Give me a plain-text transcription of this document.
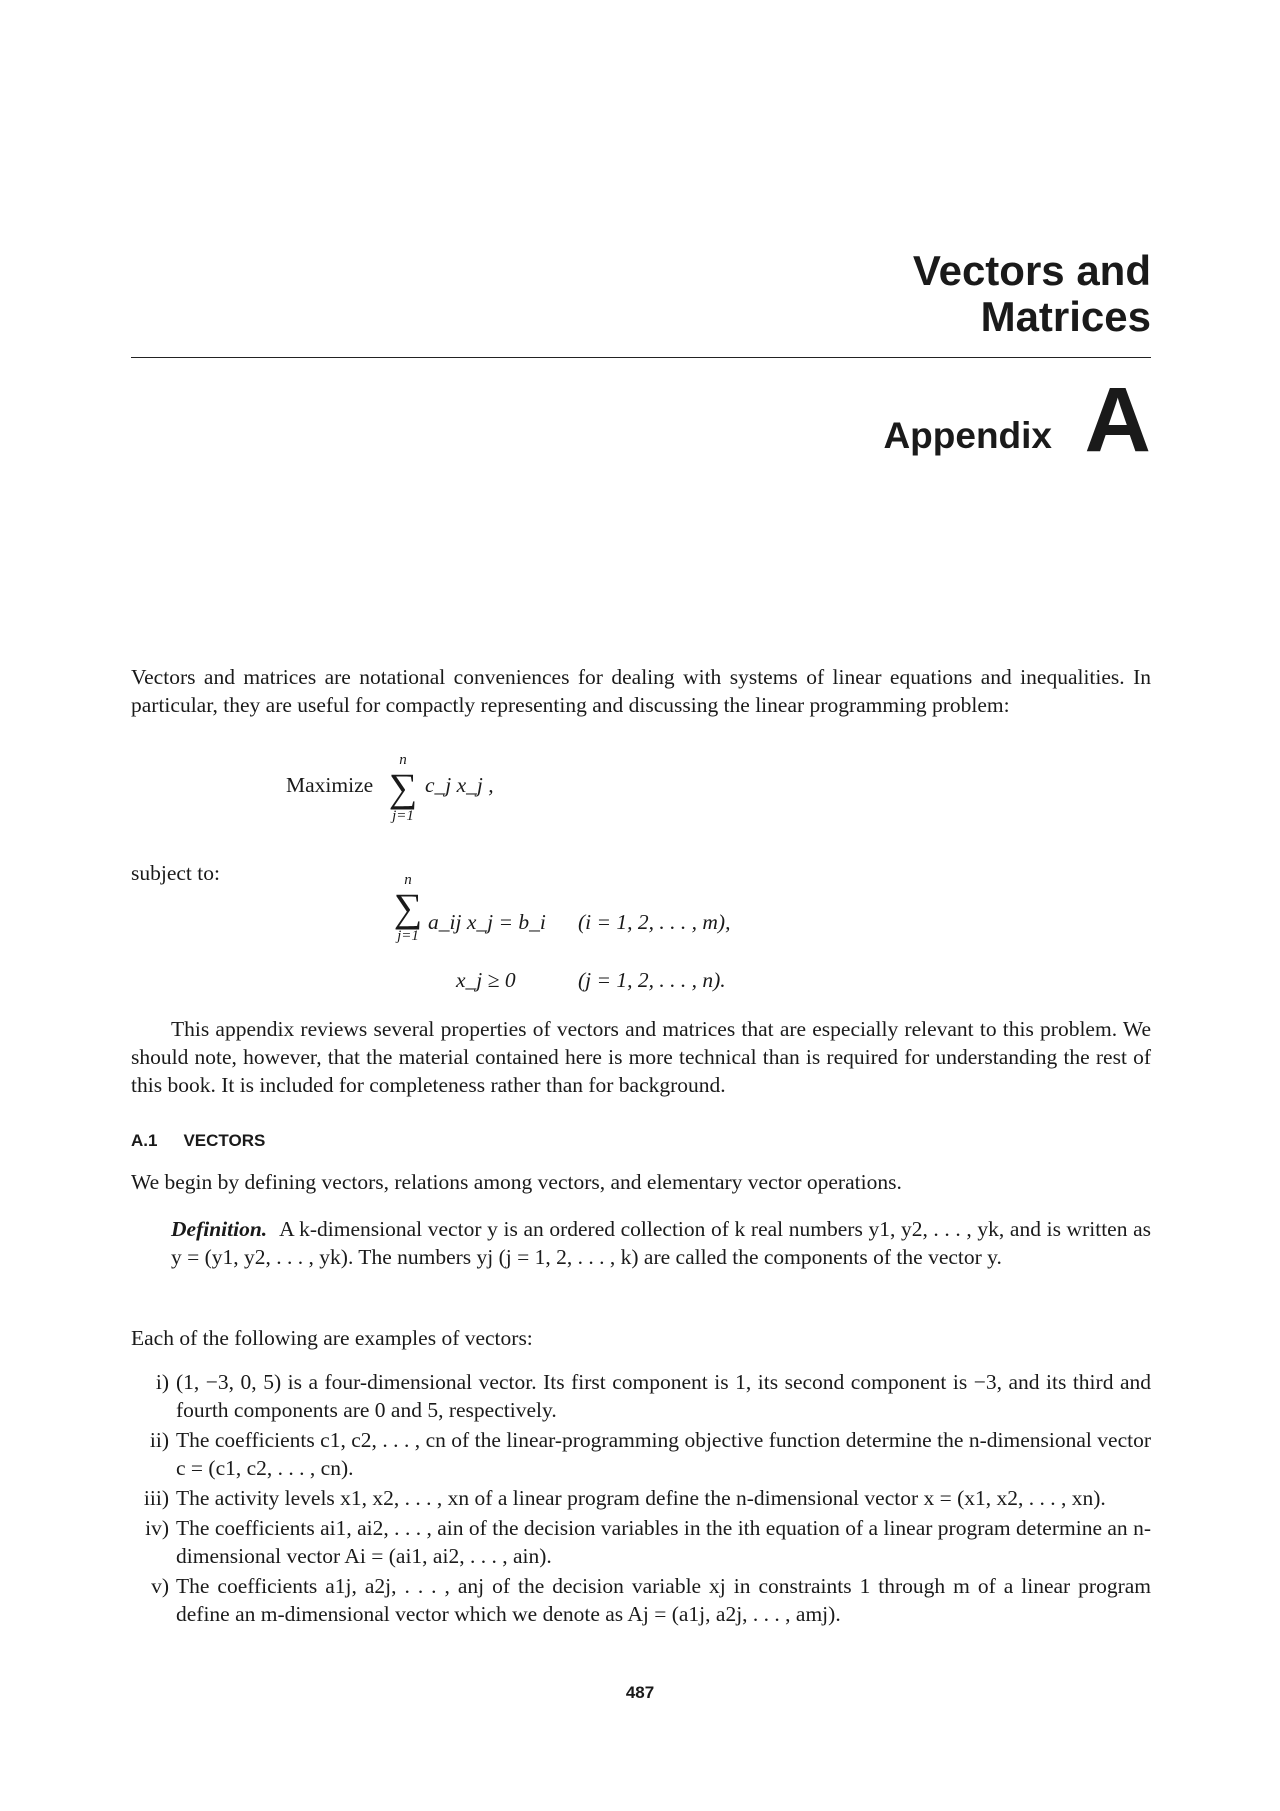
Vectors and
Matrices
Appendix A

Vectors and matrices are notational conveniences for dealing with systems of linear equations and inequalities. In particular, they are useful for compactly representing and discussing the linear programming problem:

Maximize
n
∑
j=1
c_j x_j ,
subject to:	n
∑
j=1
a_ij x_j = b_i (i = 1, 2, . . . , m),
x_j ≥ 0	(j = 1, 2, . . . , n).

This appendix reviews several properties of vectors and matrices that are especially relevant to this problem. We should note, however, that the material contained here is more technical than is required for understanding the rest of this book. It is included for completeness rather than for background.

A.1 VECTORS

We begin by defining vectors, relations among vectors, and elementary vector operations.

Definition. A k-dimensional vector y is an ordered collection of k real numbers y1, y2, . . . , yk, and is written as y = (y1, y2, . . . , yk). The numbers yj (j = 1, 2, . . . , k) are called the components of the vector y.

Each of the following are examples of vectors:

i) (1, −3, 0, 5) is a four-dimensional vector. Its first component is 1, its second component is −3, and its third and fourth components are 0 and 5, respectively.
ii) The coefficients c1, c2, . . . , cn of the linear-programming objective function determine the n-dimensional vector c = (c1, c2, . . . , cn).
iii) The activity levels x1, x2, . . . , xn of a linear program define the n-dimensional vector x = (x1, x2, . . . , xn).
iv) The coefficients ai1, ai2, . . . , ain of the decision variables in the ith equation of a linear program determine an n-dimensional vector Ai = (ai1, ai2, . . . , ain).
v) The coefficients a1j, a2j, . . . , anj of the decision variable xj in constraints 1 through m of a linear program define an m-dimensional vector which we denote as Aj = (a1j, a2j, . . . , amj).
487
